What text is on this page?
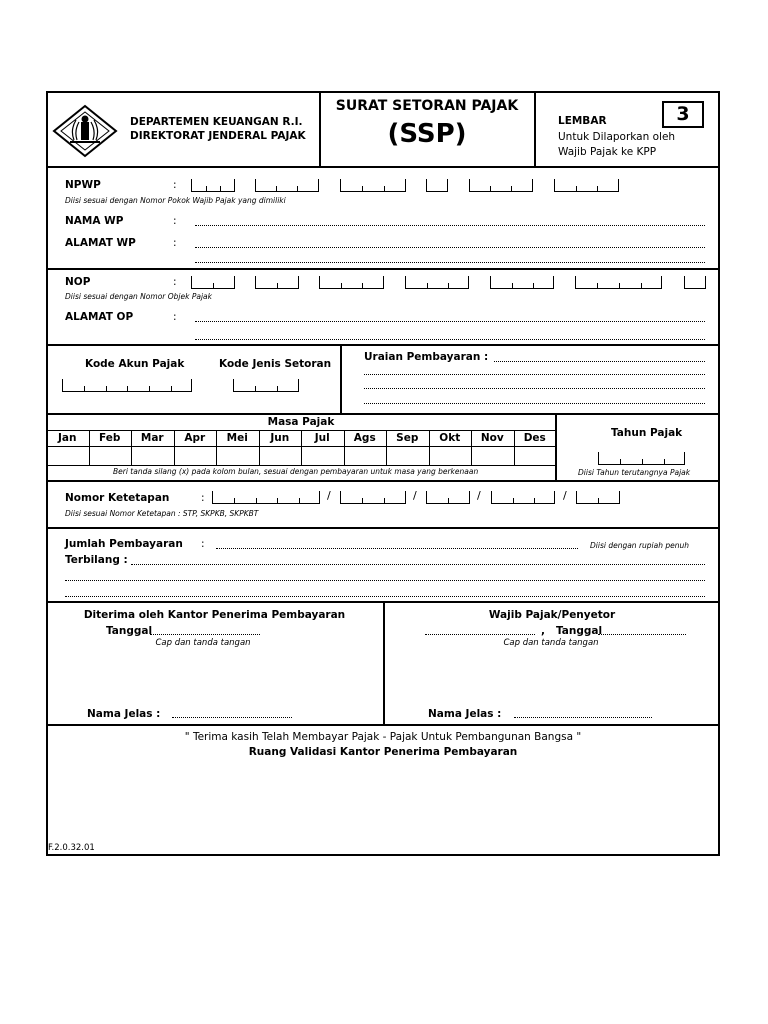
DEPARTEMEN KEUANGAN R.I.
DIREKTORAT JENDERAL PAJAK
SURAT SETORAN PAJAK
(SSP)	LEMBAR	3
Untuk Dilaporkan oleh
Wajib Pajak ke KPP
NPWP	:
Diisi sesuai dengan Nomor Pokok Wajib Pajak yang dimiliki
NAMA WP	:
ALAMAT WP	:
NOP	:
Diisi sesuai dengan Nomor Objek Pajak
ALAMAT OP	:
Kode Akun Pajak	Kode Jenis Setoran
Uraian Pembayaran :
Masa Pajak
Jan	Feb	Mar	Apr	Mei	Jun	Jul	Ags	Sep	Okt	Nov	Des
Beri tanda silang (x) pada kolom bulan, sesuai dengan pembayaran untuk masa yang berkenaan
Tahun Pajak
Diisi Tahun terutangnya Pajak
Nomor Ketetapan	:	/	/	/	/
Diisi sesuai Nomor Ketetapan : STP, SKPKB, SKPKBT
Jumlah Pembayaran :	Diisi dengan rupiah penuh
Terbilang :
Diterima oleh Kantor Penerima Pembayaran
Tanggal
Cap dan tanda tangan
Nama Jelas :
Wajib Pajak/Penyetor
, Tanggal
Cap dan tanda tangan
Nama Jelas :
" Terima kasih Telah Membayar Pajak - Pajak Untuk Pembangunan Bangsa "
Ruang Validasi Kantor Penerima Pembayaran
F.2.0.32.01
